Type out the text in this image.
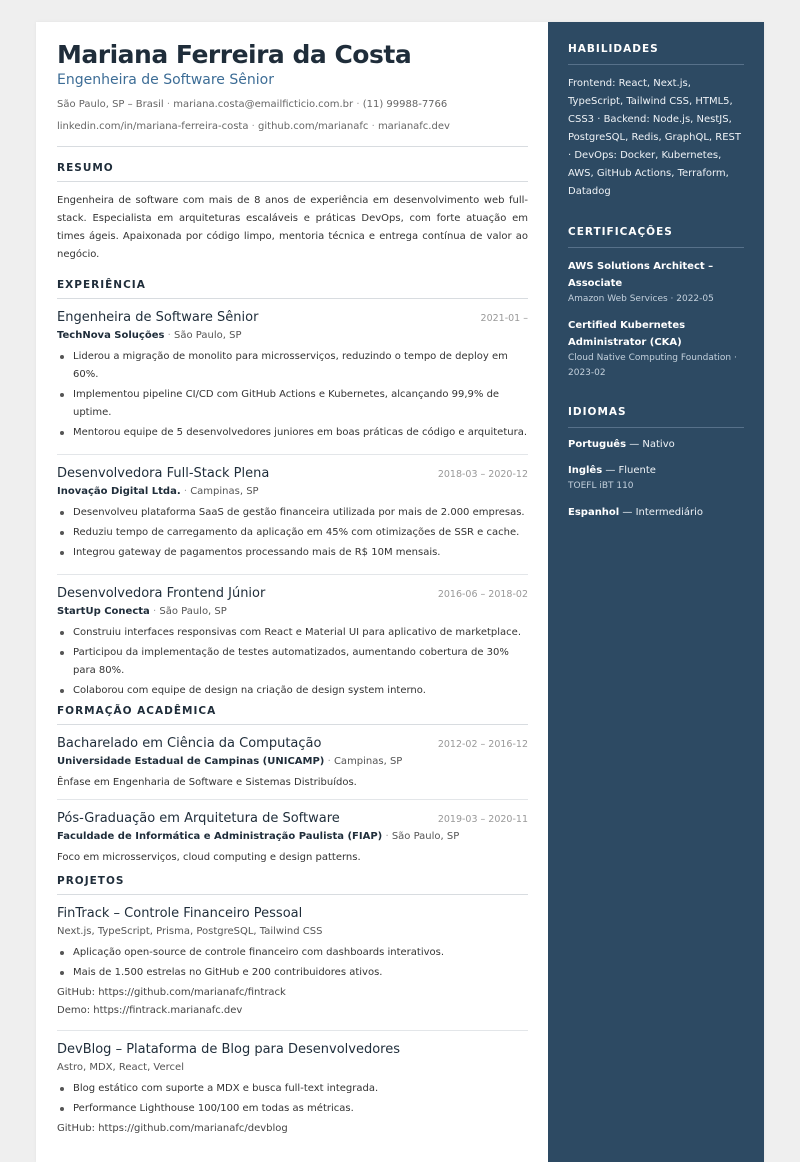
Mariana Ferreira da Costa
Engenheira de Software Sênior
São Paulo, SP – Brasil · mariana.costa@emailficticio.com.br · (11) 99988-7766
linkedin.com/in/mariana-ferreira-costa · github.com/marianafc · marianafc.dev
RESUMO
Engenheira de software com mais de 8 anos de experiência em desenvolvimento web full-stack. Especialista em arquiteturas escaláveis e práticas DevOps, com forte atuação em times ágeis. Apaixonada por código limpo, mentoria técnica e entrega contínua de valor ao negócio.
EXPERIÊNCIA
Engenheira de Software Sênior	2021-01 –
TechNova Soluções · São Paulo, SP
Liderou a migração de monolito para microsserviços, reduzindo o tempo de deploy em 60%.
Implementou pipeline CI/CD com GitHub Actions e Kubernetes, alcançando 99,9% de uptime.
Mentorou equipe de 5 desenvolvedores juniores em boas práticas de código e arquitetura.
Desenvolvedora Full-Stack Plena	2018-03 – 2020-12
Inovação Digital Ltda. · Campinas, SP
Desenvolveu plataforma SaaS de gestão financeira utilizada por mais de 2.000 empresas.
Reduziu tempo de carregamento da aplicação em 45% com otimizações de SSR e cache.
Integrou gateway de pagamentos processando mais de R$ 10M mensais.
Desenvolvedora Frontend Júnior	2016-06 – 2018-02
StartUp Conecta · São Paulo, SP
Construiu interfaces responsivas com React e Material UI para aplicativo de marketplace.
Participou da implementação de testes automatizados, aumentando cobertura de 30% para 80%.
Colaborou com equipe de design na criação de design system interno.
FORMAÇÃO ACADÊMICA
Bacharelado em Ciência da Computação	2012-02 – 2016-12
Universidade Estadual de Campinas (UNICAMP) · Campinas, SP
Ênfase em Engenharia de Software e Sistemas Distribuídos.
Pós-Graduação em Arquitetura de Software	2019-03 – 2020-11
Faculdade de Informática e Administração Paulista (FIAP) · São Paulo, SP
Foco em microsserviços, cloud computing e design patterns.
PROJETOS
FinTrack – Controle Financeiro Pessoal
Next.js, TypeScript, Prisma, PostgreSQL, Tailwind CSS
Aplicação open-source de controle financeiro com dashboards interativos.
Mais de 1.500 estrelas no GitHub e 200 contribuidores ativos.
GitHub: https://github.com/marianafc/fintrack
Demo: https://fintrack.marianafc.dev
DevBlog – Plataforma de Blog para Desenvolvedores
Astro, MDX, React, Vercel
Blog estático com suporte a MDX e busca full-text integrada.
Performance Lighthouse 100/100 em todas as métricas.
GitHub: https://github.com/marianafc/devblog
HABILIDADES
Frontend: React, Next.js, TypeScript, Tailwind CSS, HTML5, CSS3 · Backend: Node.js, NestJS, PostgreSQL, Redis, GraphQL, REST · DevOps: Docker, Kubernetes, AWS, GitHub Actions, Terraform, Datadog
CERTIFICAÇÕES
AWS Solutions Architect – Associate
Amazon Web Services · 2022-05
Certified Kubernetes Administrator (CKA)
Cloud Native Computing Foundation · 2023-02
IDIOMAS
Português — Nativo
Inglês — Fluente
TOEFL iBT 110
Espanhol — Intermediário
